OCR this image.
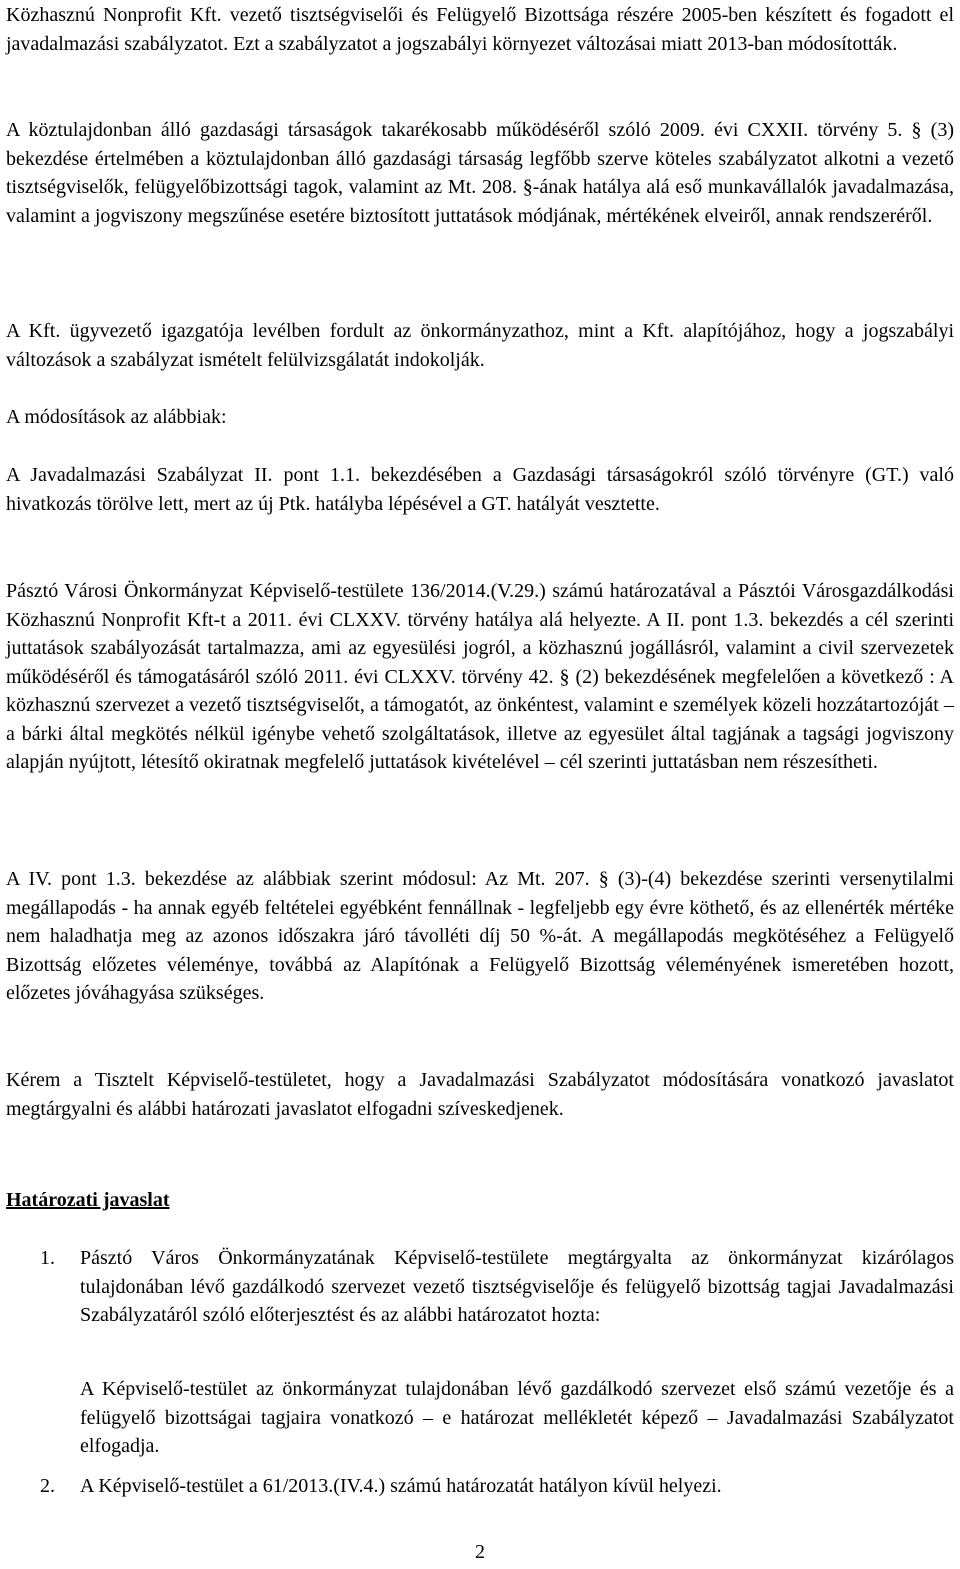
Közhasznú Nonprofit Kft. vezető tisztségviselői és Felügyelő Bizottsága részére 2005-ben készített és fogadott el javadalmazási szabályzatot. Ezt a szabályzatot a jogszabályi környezet változásai miatt 2013-ban módosították.

A köztulajdonban álló gazdasági társaságok takarékosabb működéséről szóló 2009. évi CXXII. törvény 5. § (3) bekezdése értelmében a köztulajdonban álló gazdasági társaság legfőbb szerve köteles szabályzatot alkotni a vezető tisztségviselők, felügyelőbizottsági tagok, valamint az Mt. 208. §-ának hatálya alá eső munkavállalók javadalmazása, valamint a jogviszony megszűnése esetére biztosított juttatások módjának, mértékének elveiről, annak rendszeréről.

A Kft. ügyvezető igazgatója levélben fordult az önkormányzathoz, mint a Kft. alapítójához, hogy a jogszabályi változások a szabályzat ismételt felülvizsgálatát indokolják.

A módosítások az alábbiak:

A Javadalmazási Szabályzat II. pont 1.1. bekezdésében a Gazdasági társaságokról szóló törvényre (GT.) való hivatkozás törölve lett, mert az új Ptk. hatályba lépésével a GT. hatályát vesztette.

Pásztó Városi Önkormányzat Képviselő-testülete 136/2014.(V.29.) számú határozatával a Pásztói Városgazdálkodási Közhasznú Nonprofit Kft-t a 2011. évi CLXXV. törvény hatálya alá helyezte. A II. pont 1.3. bekezdés a cél szerinti juttatások szabályozását tartalmazza, ami az egyesülési jogról, a közhasznú jogállásról, valamint a civil szervezetek működéséről és támogatásáról szóló 2011. évi CLXXV. törvény 42. § (2) bekezdésének megfelelően a következő : A közhasznú szervezet a vezető tisztségviselőt, a támogatót, az önkéntest, valamint e személyek közeli hozzátartozóját – a bárki által megkötés nélkül igénybe vehető szolgáltatások, illetve az egyesület által tagjának a tagsági jogviszony alapján nyújtott, létesítő okiratnak megfelelő juttatások kivételével – cél szerinti juttatásban nem részesítheti.

A IV. pont 1.3. bekezdése az alábbiak szerint módosul: Az Mt. 207. § (3)-(4) bekezdése szerinti versenytilalmi megállapodás - ha annak egyéb feltételei egyébként fennállnak - legfeljebb egy évre köthető, és az ellenérték mértéke nem haladhatja meg az azonos időszakra járó távolléti díj 50 %-át. A megállapodás megkötéséhez a Felügyelő Bizottság előzetes véleménye, továbbá az Alapítónak a Felügyelő Bizottság véleményének ismeretében hozott, előzetes jóváhagyása szükséges.

Kérem a Tisztelt Képviselő-testületet, hogy a Javadalmazási Szabályzatot módosítására vonatkozó javaslatot megtárgyalni és alábbi határozati javaslatot elfogadni szíveskedjenek.

Határozati javaslat
1. Pásztó Város Önkormányzatának Képviselő-testülete megtárgyalta az önkormányzat kizárólagos tulajdonában lévő gazdálkodó szervezet vezető tisztségviselője és felügyelő bizottság tagjai Javadalmazási Szabályzatáról szóló előterjesztést és az alábbi határozatot hozta:

A Képviselő-testület az önkormányzat tulajdonában lévő gazdálkodó szervezet első számú vezetője és a felügyelő bizottságai tagjaira vonatkozó – e határozat mellékletét képező – Javadalmazási Szabályzatot elfogadja.

2. A Képviselő-testület a 61/2013.(IV.4.) számú határozatát hatályon kívül helyezi.

2
